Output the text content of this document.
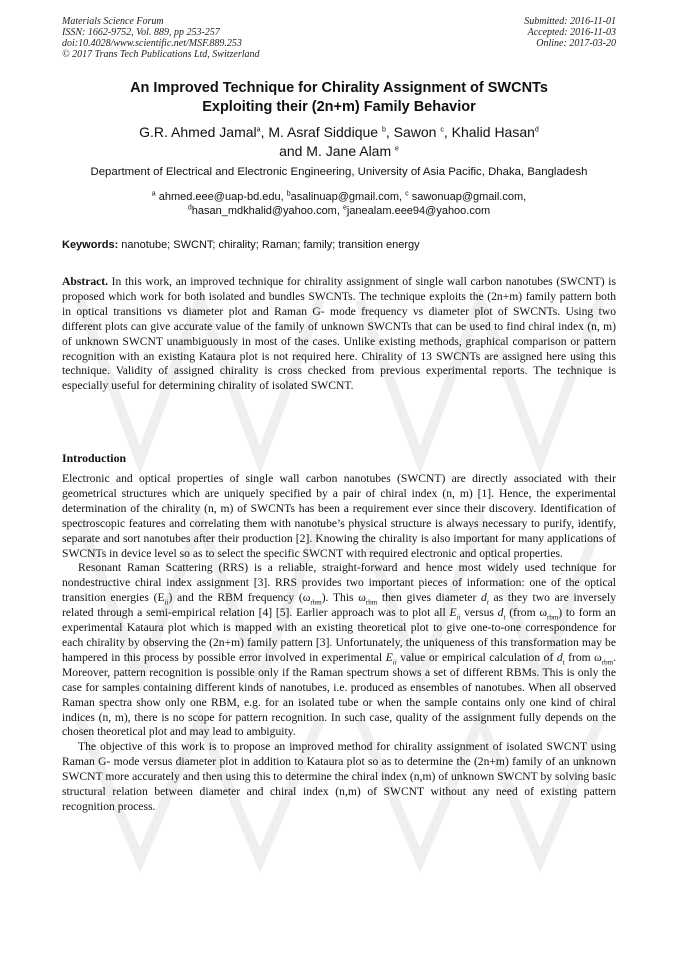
Materials Science Forum
ISSN: 1662-9752, Vol. 889, pp 253-257
doi:10.4028/www.scientific.net/MSF.889.253
© 2017 Trans Tech Publications Ltd, Switzerland
Submitted: 2016-11-01
Accepted: 2016-11-03
Online: 2017-03-20
An Improved Technique for Chirality Assignment of SWCNTs
Exploiting their (2n+m) Family Behavior
G.R. Ahmed Jamal$^a$, M. Asraf Siddique $^b$, Sawon $^c$, Khalid Hasan$^d$
and M. Jane Alam $^e$
Department of Electrical and Electronic Engineering, University of Asia Pacific, Dhaka, Bangladesh
$^a$ ahmed.eee@uap-bd.edu, $^b$asalinuap@gmail.com, $^c$ sawonuap@gmail.com,
$^d$hasan_mdkhalid@yahoo.com, $^e$janealam.eee94@yahoo.com
Keywords: nanotube; SWCNT; chirality; Raman; family; transition energy
Abstract. In this work, an improved technique for chirality assignment of single wall carbon nanotubes (SWCNT) is proposed which work for both isolated and bundles SWCNTs. The technique exploits the (2n+m) family pattern both in optical transitions vs diameter plot and Raman G- mode frequency vs diameter plot of SWCNTs. Using two different plots can give accurate value of the family of unknown SWCNTs that can be used to find chiral index (n, m) of unknown SWCNT unambiguously in most of the cases. Unlike existing methods, graphical comparison or pattern recognition with an existing Kataura plot is not required here. Chirality of 13 SWCNTs are assigned here using this technique. Validity of assigned chirality is cross checked from previous experimental reports. The technique is especially useful for determining chirality of isolated SWCNT.
Introduction

Electronic and optical properties of single wall carbon nanotubes (SWCNT) are directly associated with their geometrical structures which are uniquely specified by a pair of chiral index (n, m) [1]. Hence, the experimental determination of the chirality (n, m) of SWCNTs has been a requirement ever since their discovery. Identification of spectroscopic features and correlating them with nanotube’s physical structure is always necessary to purify, identify, separate and sort nanotubes after their production [2]. Knowing the chirality is also important for many applications of SWCNTs in device level so as to select the specific SWCNT with required electronic and optical properties.

Resonant Raman Scattering (RRS) is a reliable, straight-forward and hence most widely used technique for nondestructive chiral index assignment [3]. RRS provides two important pieces of information: one of the optical transition energies $(E_{ii})$ and the RBM frequency $(\omega_{rbm})$. This $\omega_{rbm}$ then gives diameter $d_t$ as they two are inversely related through a semi-empirical relation [4] [5]. Earlier approach was to plot all $E_{ii}$ versus $d_t$ (from $\omega_{rbm}$) to form an experimental Kataura plot which is mapped with an existing theoretical plot to give one-to-one correspondence for each chirality by observing the (2n+m) family pattern [3]. Unfortunately, the uniqueness of this transformation may be hampered in this process by possible error involved in experimental $E_{ii}$ value or empirical calculation of $d_t$ from $\omega_{rbm}$. Moreover, pattern recognition is possible only if the Raman spectrum shows a set of different RBMs. This is only the case for samples containing different kinds of nanotubes, i.e. produced as ensembles of nanotubes. When all observed Raman spectra show only one RBM, e.g. for an isolated tube or when the sample contains only one kind of chiral indices (n, m), there is no scope for pattern recognition. In such case, quality of the assignment fully depends on the chosen theoretical plot and may lead to ambiguity.

The objective of this work is to propose an improved method for chirality assignment of isolated SWCNT using Raman G- mode versus diameter plot in addition to Kataura plot so as to determine the (2n+m) family of an unknown SWCNT more accurately and then using this to determine the chiral index (n,m) of unknown SWCNT by solving basic structural relation between diameter and chiral index (n,m) of SWCNT without any need of existing pattern recognition process.
